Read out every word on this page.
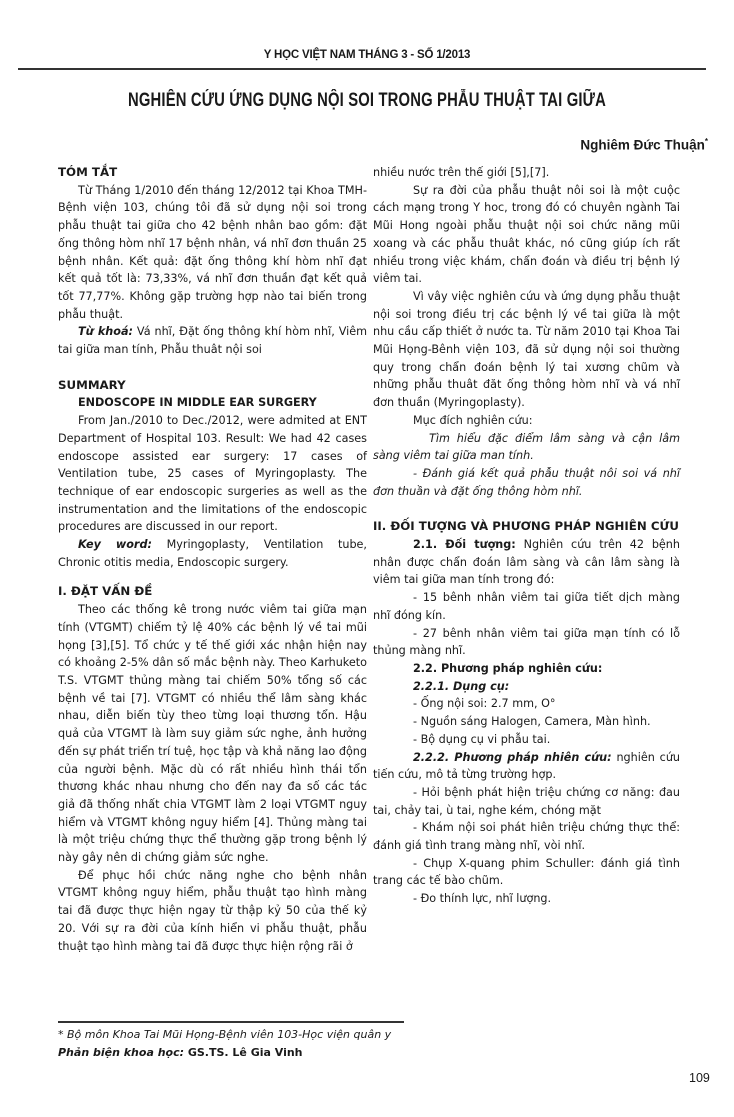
Y HỌC VIỆT NAM THÁNG 3 - SỐ 1/2013
NGHIÊN CỨU ỨNG DỤNG NỘI SOI TRONG PHẪU THUẬT TAI GIỮA
Nghiêm Đức Thuận*
TÓM TẮT

Từ Tháng 1/2010 đến tháng 12/2012 tại Khoa TMH-Bệnh viện 103, chúng tôi đã sử dụng nội soi trong phẫu thuật tai giữa cho 42 bệnh nhân bao gồm: đặt ống thông hòm nhĩ 17 bệnh nhân, vá nhĩ đơn thuần 25 bệnh nhân. Kết quả: đặt ống thông khí hòm nhĩ đạt kết quả tốt là: 73,33%, vá nhĩ đơn thuần đạt kết quả tốt 77,77%. Không gặp trường hợp nào tai biến trong phẫu thuật.

Từ khoá: Vá nhĩ, Đặt ống thông khí hòm nhĩ, Viêm tai giữa man tính, Phẫu thuât nội soi

SUMMARY

ENDOSCOPE IN MIDDLE EAR SURGERY

From Jan./2010 to Dec./2012, were admited at ENT Department of Hospital 103. Result: We had 42 cases endoscope assisted ear surgery: 17 cases of Ventilation tube, 25 cases of Myringoplasty. The technique of ear endoscopic surgeries as well as the instrumentation and the limitations of the endoscopic procedures are discussed in our report.

Key word: Myringoplasty, Ventilation tube, Chronic otitis media, Endoscopic surgery.

I. ĐẶT VẤN ĐỀ

Theo các thống kê trong nước viêm tai giữa mạn tính (VTGMT) chiếm tỷ lệ 40% các bệnh lý về tai mũi họng [3],[5]. Tổ chức y tế thế giới xác nhận hiện nay có khoảng 2-5% dân số mắc bệnh này. Theo Karhuketo T.S. VTGMT thủng màng tai chiếm 50% tổng số các bệnh về tai [7]. VTGMT có nhiều thể lâm sàng khác nhau, diễn biến tùy theo từng loại thương tổn. Hậu quả của VTGMT là làm suy giảm sức nghe, ảnh hưởng đến sự phát triển trí tuệ, học tập và khả năng lao động của người bệnh. Mặc dù có rất nhiều hình thái tổn thương khác nhau nhưng cho đến nay đa số các tác giả đã thống nhất chia VTGMT làm 2 loại VTGMT nguy hiểm và VTGMT không nguy hiểm [4]. Thủng màng tai là một triệu chứng thực thể thường gặp trong bệnh lý này gây nên di chứng giảm sức nghe.

Để phục hồi chức năng nghe cho bệnh nhân VTGMT không nguy hiểm, phẫu thuật tạo hình màng tai đã được thực hiện ngay từ thập kỷ 50 của thế kỷ 20. Với sự ra đời của kính hiển vi phẫu thuật, phẫu thuật tạo hình màng tai đã được thực hiện rộng rãi ở

nhiều nước trên thế giới [5],[7].

Sự ra đời của phẫu thuật nôi soi là một cuộc cách mạng trong Y hoc, trong đó có chuyên ngành Tai Mũi Hong ngoài phẫu thuật nội soi chức năng mũi xoang và các phẫu thuât khác, nó cũng giúp ích rất nhiều trong việc khám, chẩn đoán và điều trị bệnh lý viêm tai.

Vì vây việc nghiên cứu và ứng dụng phẫu thuật nội soi trong điều trị các bệnh lý về tai giữa là một nhu cầu cấp thiết ở nước ta. Từ năm 2010 tại Khoa Tai Mũi Họng-Bênh viện 103, đã sử dụng nội soi thường quy trong chẩn đoán bệnh lý tai xương chũm và những phẫu thuât đăt ống thông hòm nhĩ và vá nhĩ đơn thuần (Myringoplasty).

Mục đích nghiên cứu:

Tìm hiểu đặc điểm lâm sàng và cận lâm sàng viêm tai giữa man tính.

- Đánh giá kết quả phẫu thuật nôi soi vá nhĩ đơn thuần và đặt ống thông hòm nhĩ.

II. ĐỐI TƯỢNG VÀ PHƯƠNG PHÁP NGHIÊN CỨU

2.1. Đối tượng: Nghiên cứu trên 42 bệnh nhân được chẩn đoán lâm sàng và cân lâm sàng là viêm tai giữa man tính trong đó:

- 15 bênh nhân viêm tai giữa tiết dịch màng nhĩ đóng kín.

- 27 bênh nhân viêm tai giữa mạn tính có lỗ thủng màng nhĩ.

2.2. Phương pháp nghiên cứu:

2.2.1. Dụng cụ:

- Ống nội soi: 2.7 mm, O°

- Nguồn sáng Halogen, Camera, Màn hình.

- Bộ dụng cụ vi phẫu tai.

2.2.2. Phương pháp nhiên cứu: nghiên cứu tiến cứu, mô tả từng trường hợp.

- Hỏi bệnh phát hiện triệu chứng cơ năng: đau tai, chảy tai, ù tai, nghe kém, chóng mặt

- Khám nội soi phát hiên triệu chứng thực thể: đánh giá tình trang màng nhĩ, vòi nhĩ.

- Chụp X-quang phim Schuller: đánh giá tình trang các tế bào chũm.

- Đo thính lực, nhĩ lượng.

* Bộ môn Khoa Tai Mũi Họng-Bệnh viên 103-Học viện quân y
Phản biện khoa học: GS.TS. Lê Gia Vinh
109
